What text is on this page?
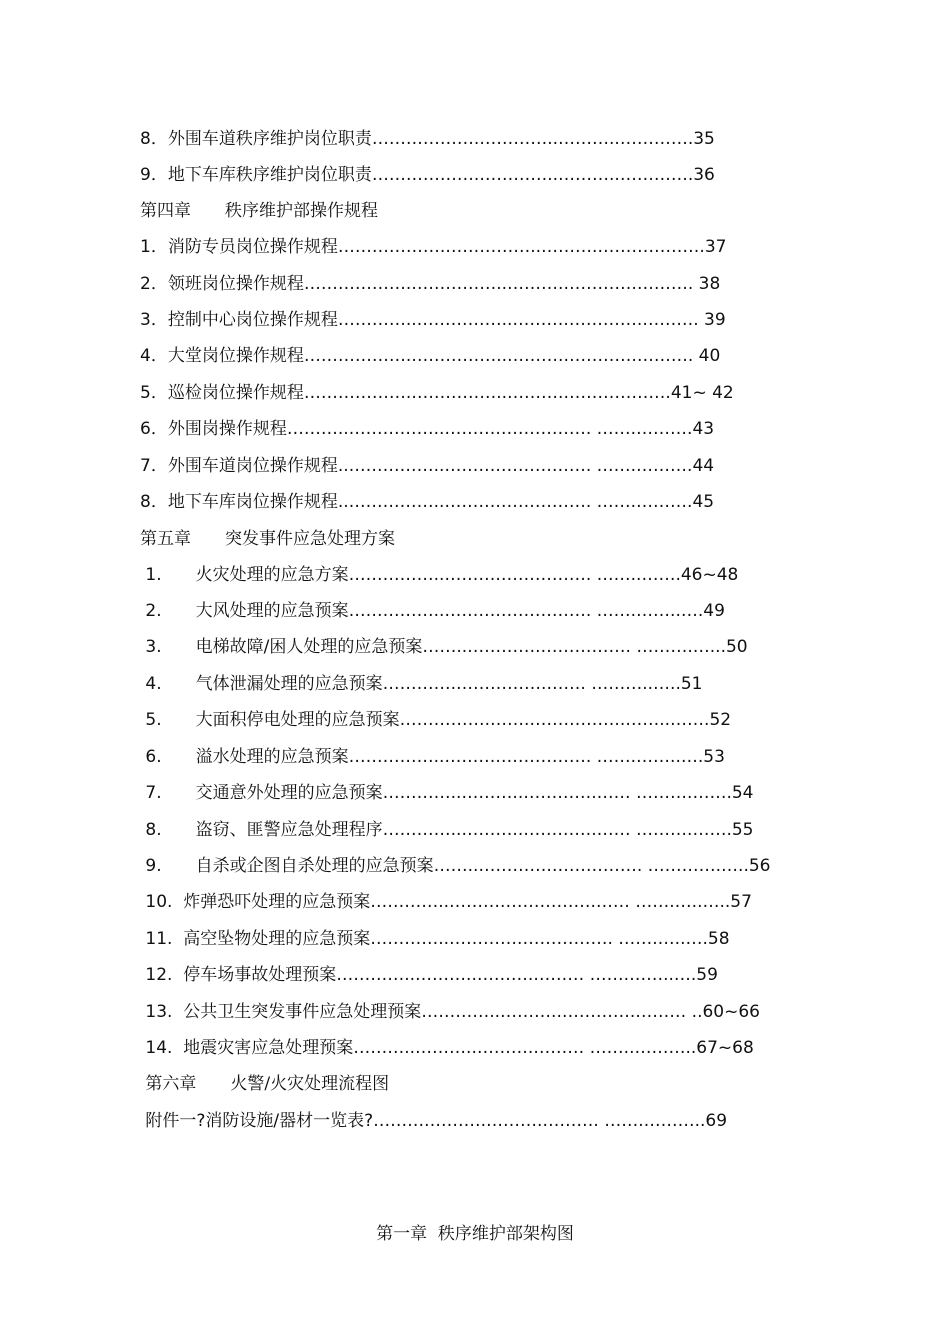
8．外围车道秩序维护岗位职责……………….…………..………..………….35
9．地下车库秩序维护岗位职责……………….…………..………..………….36
第四章　　秩序维护部操作规程
1．消防专员岗位操作规程……………….……………..……….……………….37
2．领班岗位操作规程……………….……………..……….………….………. 38
3．控制中心岗位操作规程…………..……………..……….………….………. 39
4．大堂岗位操作规程……………….……………..……….………….………. 40
5．巡检岗位操作规程……………….……………..……….……………….41~ 42
6．外围岗操作规程………..……………..……….……………. …….……….43
7．外围车道岗位操作规程..……………..……….……………. …….……….44
8．地下车库岗位操作规程..……………..……….……………. …….……….45
第五章　　突发事件应急处理方案
1.　　火灾处理的应急方案……………..……….……………. ……..…….46~48
2.　　大风处理的应急预案……………..……….……………. …….……..….49
3.　　电梯故障/困人处理的应急预案……..………….……………. ……….…...50
4.　　气体泄漏处理的应急预案………….…………….……. ………..…..51
5.　　大面积停电处理的应急预案…………….…….……………..……..…….52
6.　　溢水处理的应急预案……………..……….……………. …….……..….53
7.　　交通意外处理的应急预案…………..………..………….…… ……….…….54
8.　　盗窃、匪警应急处理程序…………..………..………….…… ……….…….55
9.　　自杀或企图自杀处理的应急预案……..………….……………. ………….…..56
10.  炸弹恐吓处理的应急预案…………..……….…………….…… …….…..…..57
11.  高空坠物处理的应急预案…………..………….……………. …….…..….58
12.  停车场事故处理预案…………..………..……….……… …….……..….59
13.  公共卫生突发事件应急处理预案…………..………..………….……… ..60~66
14.  地震灾害应急处理预案………..………..……….……… ……..………..67~68
第六章　　火警/火灾处理流程图
附件一?消防设施/器材一览表?……….……….……….………. …….………..69
第一章  秩序维护部架构图
